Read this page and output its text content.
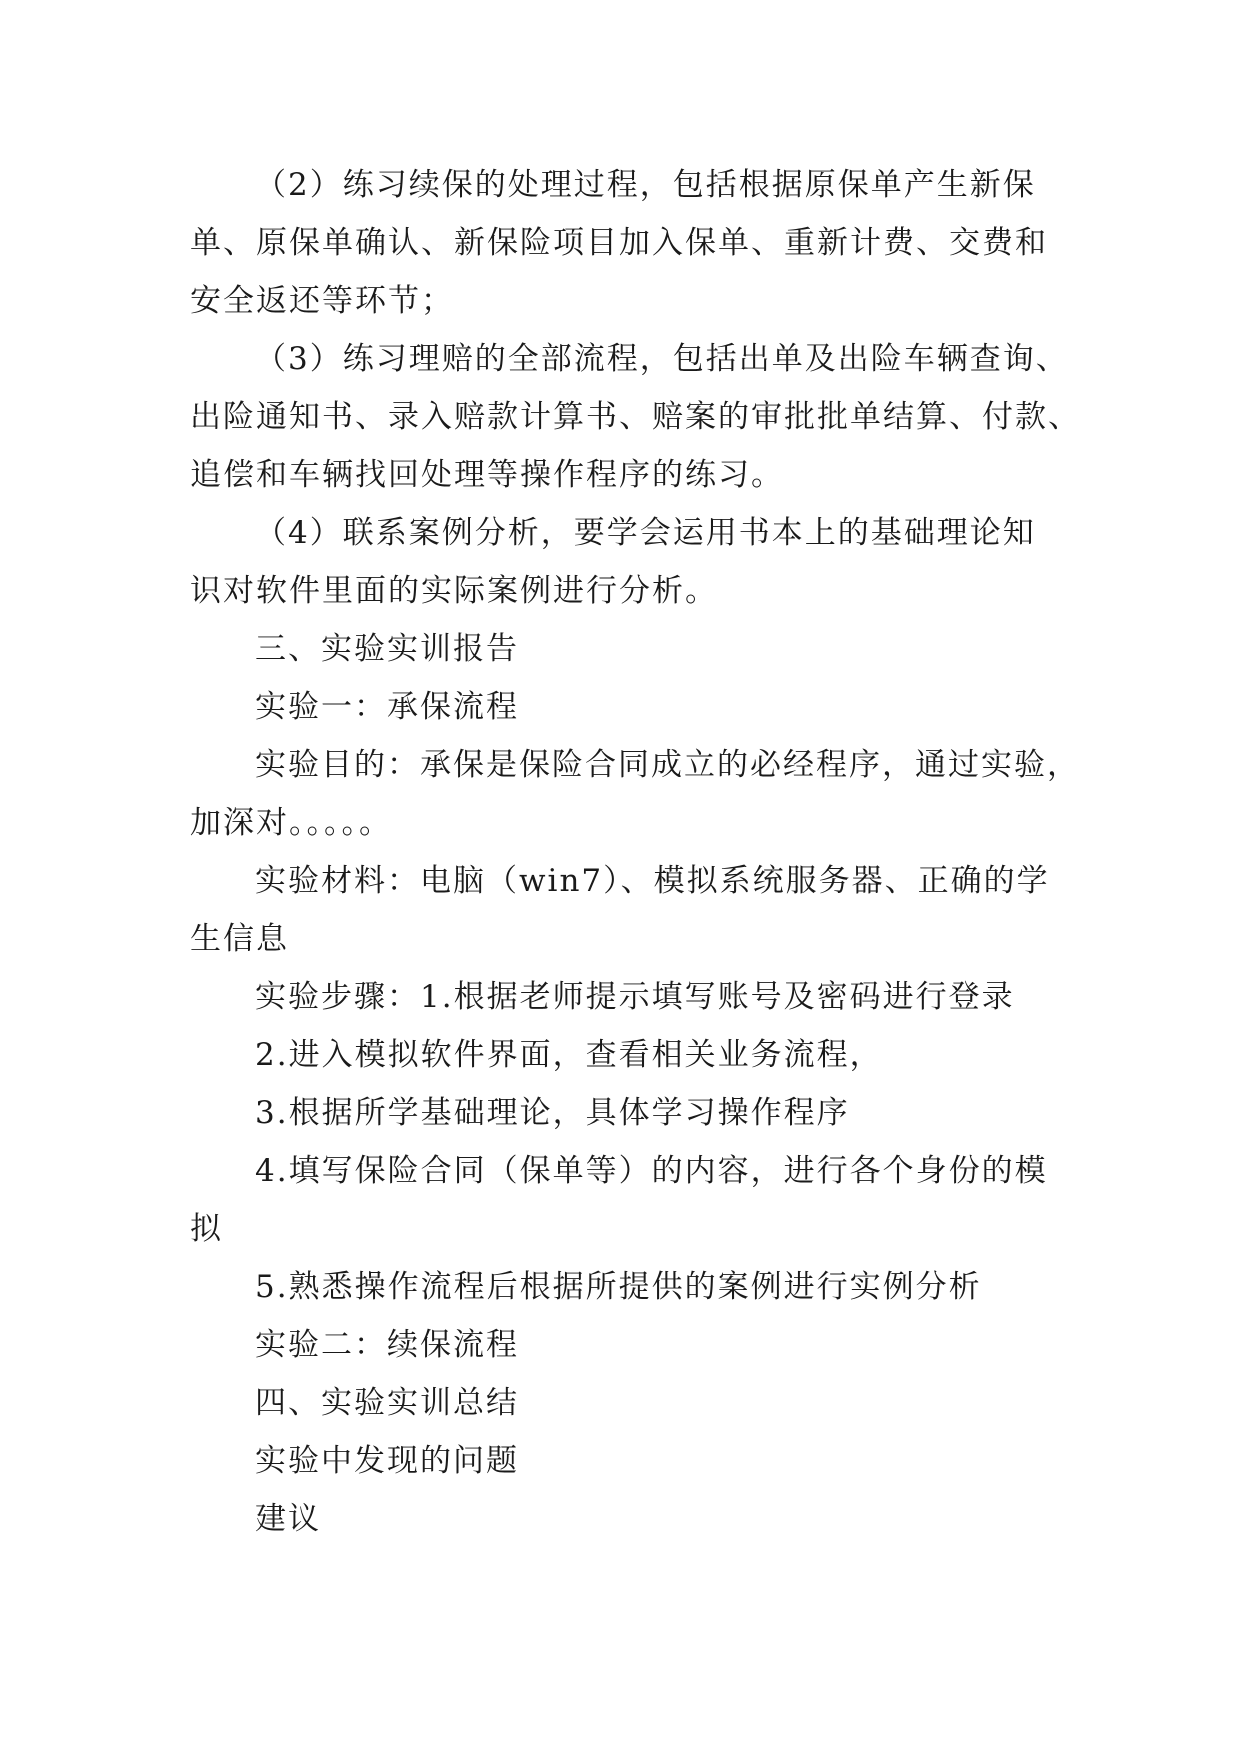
（2）练习续保的处理过程，包括根据原保单产生新保
单、原保单确认、新保险项目加入保单、重新计费、交费和
安全返还等环节；
（3）练习理赔的全部流程，包括出单及出险车辆查询、
出险通知书、录入赔款计算书、赔案的审批批单结算、付款、
追偿和车辆找回处理等操作程序的练习。
（4）联系案例分析，要学会运用书本上的基础理论知
识对软件里面的实际案例进行分析。
三、实验实训报告
实验一：承保流程
实验目的：承保是保险合同成立的必经程序，通过实验，
加深对。。。。。
实验材料：电脑（win7）、模拟系统服务器、正确的学
生信息
实验步骤：1.根据老师提示填写账号及密码进行登录
2.进入模拟软件界面，查看相关业务流程，
3.根据所学基础理论，具体学习操作程序
4.填写保险合同（保单等）的内容，进行各个身份的模
拟
5.熟悉操作流程后根据所提供的案例进行实例分析
实验二：续保流程
四、实验实训总结
实验中发现的问题
建议
